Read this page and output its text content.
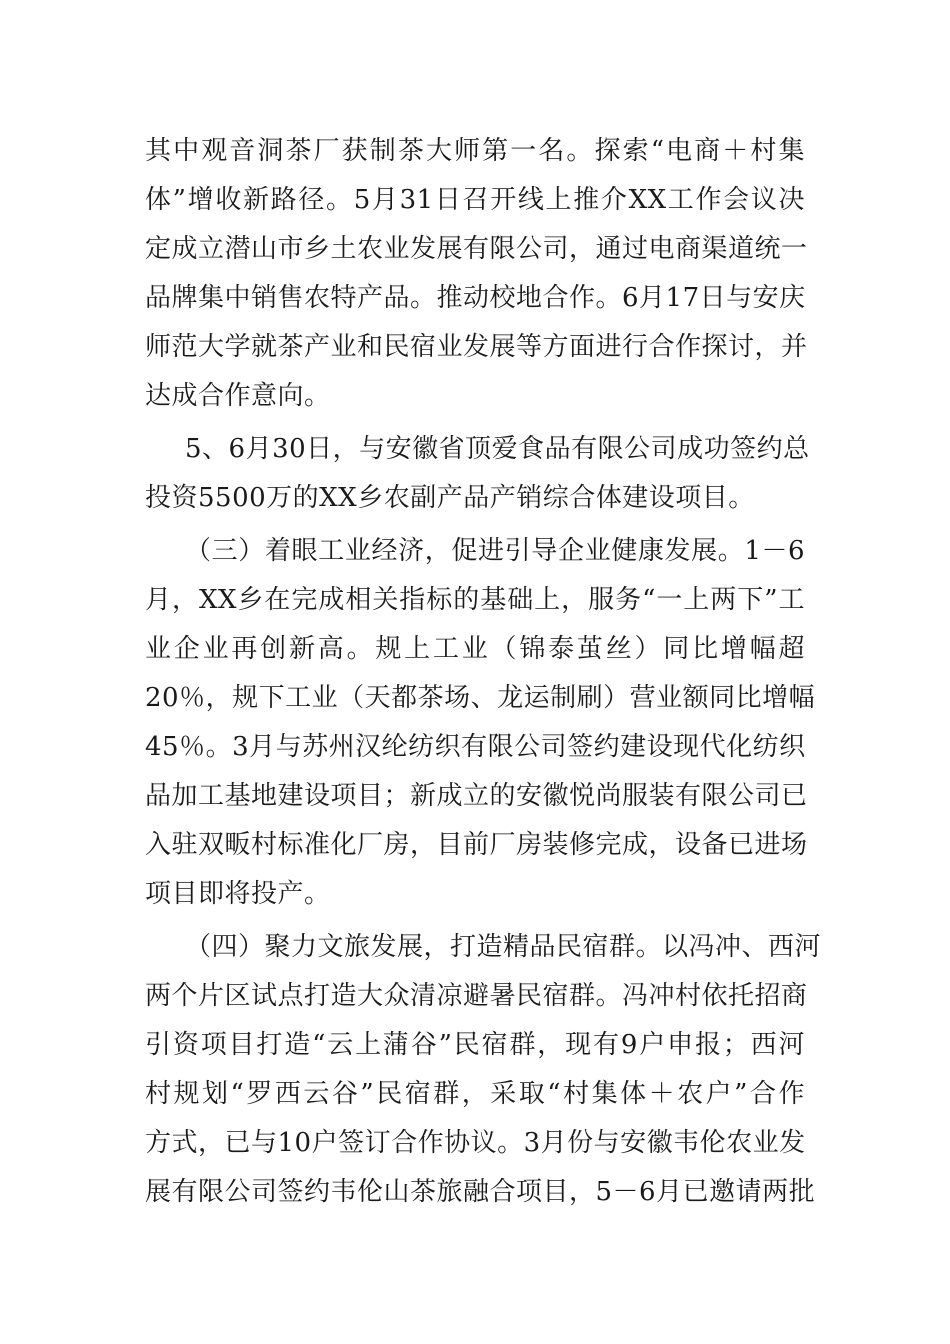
其中观音洞茶厂获制茶大师第一名。探索“电商＋村集
体”增收新路径。5月31日召开线上推介XX工作会议决
定成立潜山市乡土农业发展有限公司，通过电商渠道统一
品牌集中销售农特产品。推动校地合作。6月17日与安庆
师范大学就茶产业和民宿业发展等方面进行合作探讨，并
达成合作意向。
5、6月30日，与安徽省顶爱食品有限公司成功签约总
投资5500万的XX乡农副产品产销综合体建设项目。
（三）着眼工业经济，促进引导企业健康发展。1－6
月，XX乡在完成相关指标的基础上，服务“一上两下”工
业企业再创新高。规上工业（锦泰茧丝）同比增幅超
20％，规下工业（天都茶场、龙运制刷）营业额同比增幅
45％。3月与苏州汉纶纺织有限公司签约建设现代化纺织
品加工基地建设项目；新成立的安徽悦尚服装有限公司已
入驻双畈村标准化厂房，目前厂房装修完成，设备已进场
项目即将投产。
（四）聚力文旅发展，打造精品民宿群。以冯冲、西河
两个片区试点打造大众清凉避暑民宿群。冯冲村依托招商
引资项目打造“云上蒲谷”民宿群，现有9户申报；西河
村规划“罗西云谷”民宿群，采取“村集体＋农户”合作
方式，已与10户签订合作协议。3月份与安徽韦伦农业发
展有限公司签约韦伦山茶旅融合项目，5－6月已邀请两批
